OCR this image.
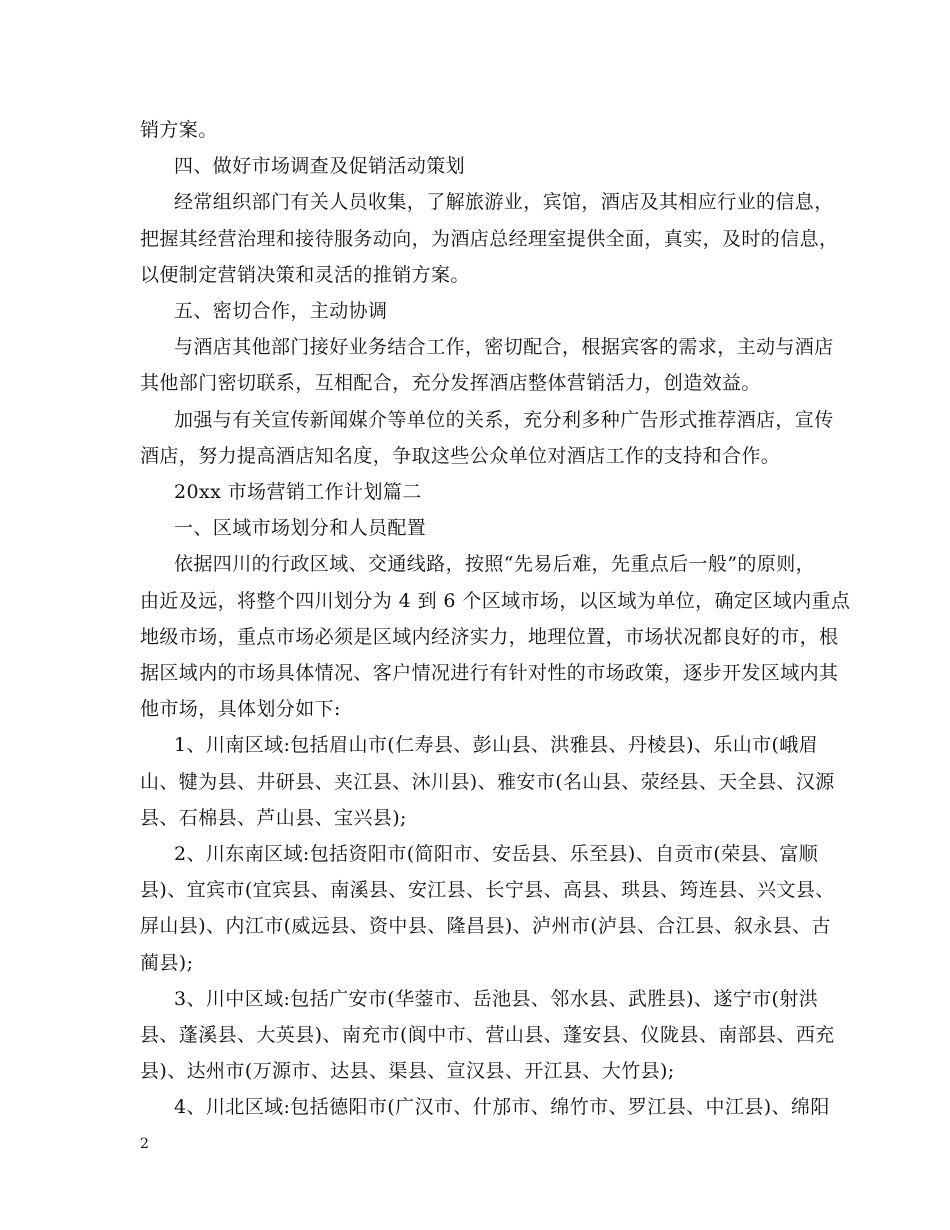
销方案。
四、做好市场调查及促销活动策划
经常组织部门有关人员收集，了解旅游业，宾馆，酒店及其相应行业的信息，
把握其经营治理和接待服务动向，为酒店总经理室提供全面，真实，及时的信息，
以便制定营销决策和灵活的推销方案。
五、密切合作，主动协调
与酒店其他部门接好业务结合工作，密切配合，根据宾客的需求，主动与酒店
其他部门密切联系，互相配合，充分发挥酒店整体营销活力，创造效益。
加强与有关宣传新闻媒介等单位的关系，充分利多种广告形式推荐酒店，宣传
酒店，努力提高酒店知名度，争取这些公众单位对酒店工作的支持和合作。
20xx 市场营销工作计划篇二
一、区域市场划分和人员配置
依据四川的行政区域、交通线路，按照“先易后难，先重点后一般”的原则，
由近及远，将整个四川划分为 4 到 6 个区域市场，以区域为单位，确定区域内重点
地级市场，重点市场必须是区域内经济实力，地理位置，市场状况都良好的市，根
据区域内的市场具体情况、客户情况进行有针对性的市场政策，逐步开发区域内其
他市场，具体划分如下:
1、川南区域:包括眉山市(仁寿县、彭山县、洪雅县、丹棱县)、乐山市(峨眉
山、犍为县、井研县、夹江县、沐川县)、雅安市(名山县、荥经县、天全县、汉源
县、石棉县、芦山县、宝兴县);
2、川东南区域:包括资阳市(简阳市、安岳县、乐至县)、自贡市(荣县、富顺
县)、宜宾市(宜宾县、南溪县、安江县、长宁县、高县、珙县、筠连县、兴文县、
屏山县)、内江市(威远县、资中县、隆昌县)、泸州市(泸县、合江县、叙永县、古
蔺县);
3、川中区域:包括广安市(华蓥市、岳池县、邻水县、武胜县)、遂宁市(射洪
县、蓬溪县、大英县)、南充市(阆中市、营山县、蓬安县、仪陇县、南部县、西充
县)、达州市(万源市、达县、渠县、宣汉县、开江县、大竹县);
4、川北区域:包括德阳市(广汉市、什邡市、绵竹市、罗江县、中江县)、绵阳
2
